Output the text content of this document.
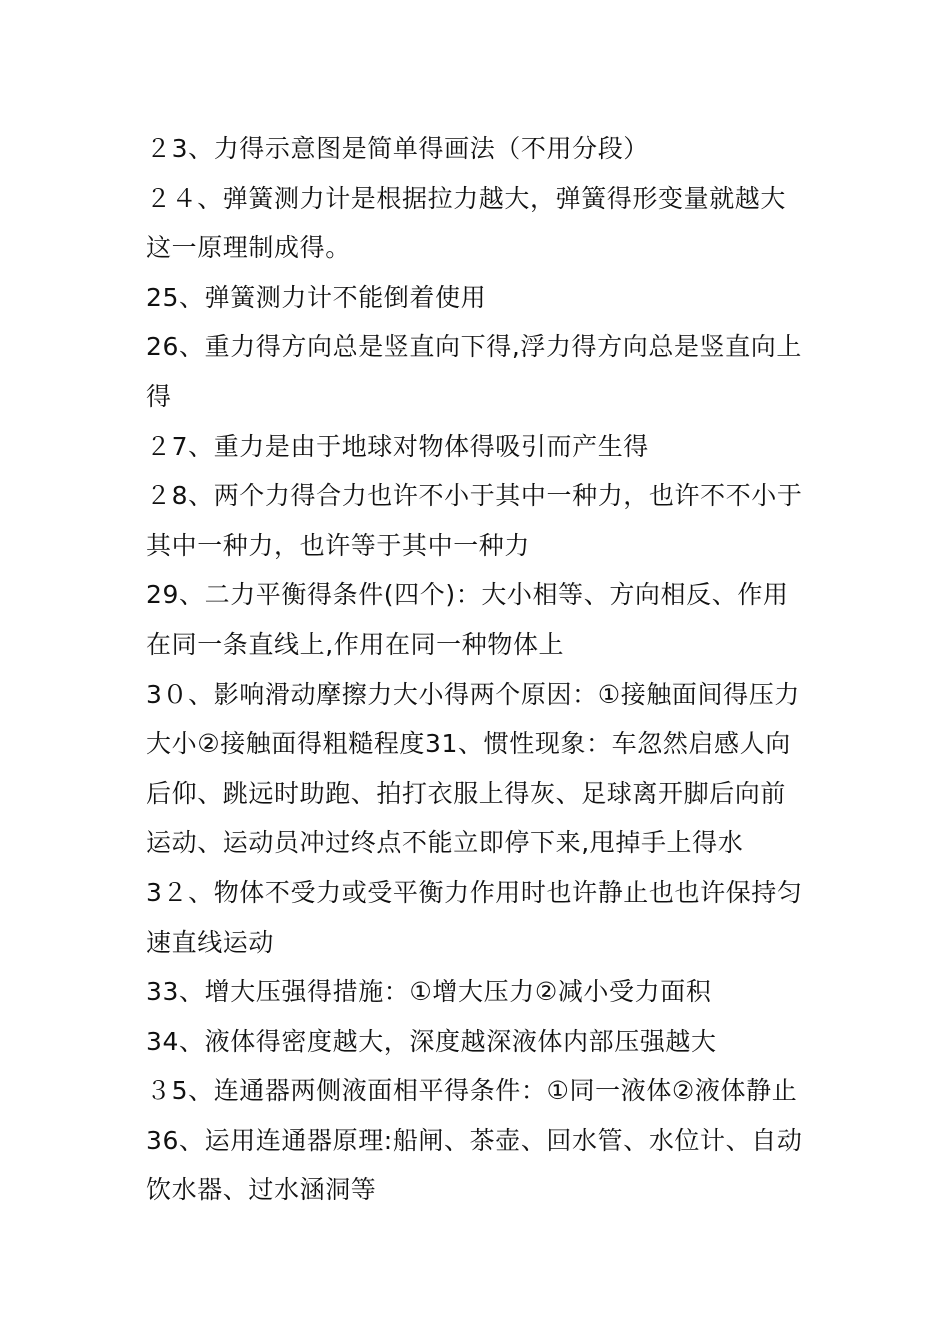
２3、力得示意图是简单得画法（不用分段）
２４、弹簧测力计是根据拉力越大，弹簧得形变量就越大
这一原理制成得。
25、弹簧测力计不能倒着使用
26、重力得方向总是竖直向下得,浮力得方向总是竖直向上
得
２7、重力是由于地球对物体得吸引而产生得
２8、两个力得合力也许不小于其中一种力，也许不不小于
其中一种力，也许等于其中一种力
29、二力平衡得条件(四个)：大小相等、方向相反、作用
在同一条直线上,作用在同一种物体上
3０、影响滑动摩擦力大小得两个原因：①接触面间得压力
大小②接触面得粗糙程度31、惯性现象：车忽然启感人向
后仰、跳远时助跑、拍打衣服上得灰、足球离开脚后向前
运动、运动员冲过终点不能立即停下来,甩掉手上得水
3２、物体不受力或受平衡力作用时也许静止也也许保持匀
速直线运动
33、增大压强得措施：①增大压力②减小受力面积
34、液体得密度越大，深度越深液体内部压强越大
３5、连通器两侧液面相平得条件：①同一液体②液体静止
36、运用连通器原理:船闸、茶壶、回水管、水位计、自动
饮水器、过水涵洞等
